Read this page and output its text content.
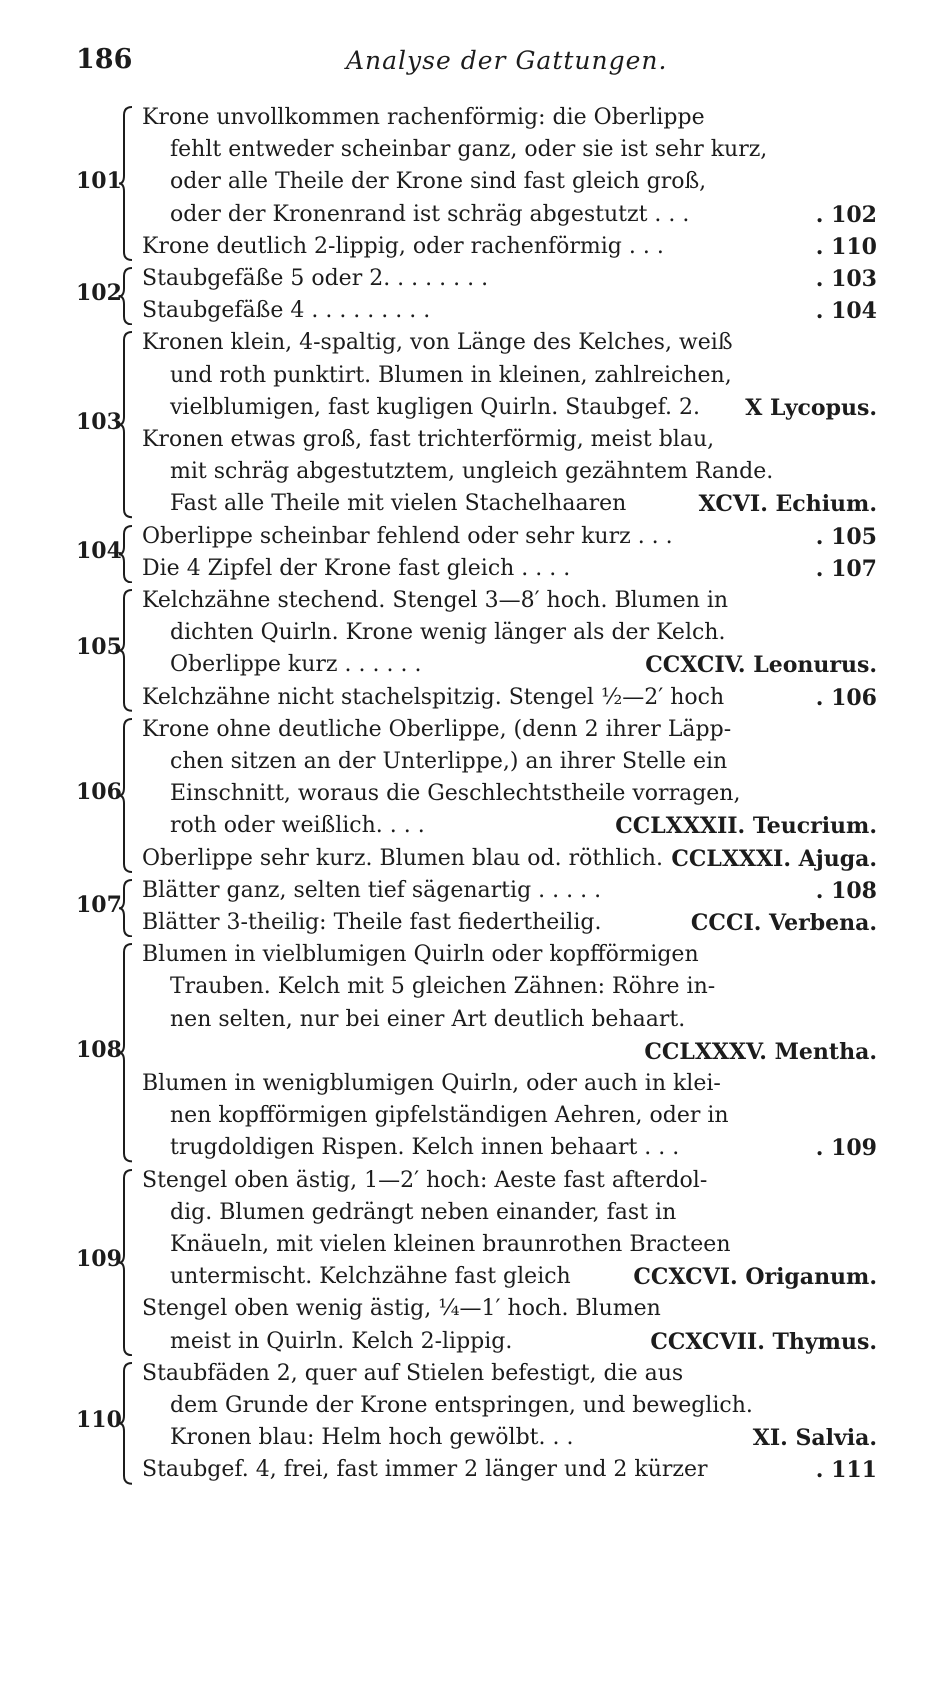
186	Analyse der Gattungen.
101
Krone unvollkommen rachenförmig: die Oberlippe
fehlt entweder scheinbar ganz, oder sie ist sehr kurz,
oder alle Theile der Krone sind fast gleich groß,
oder der Kronenrand ist schräg abgestutzt . . .	. 102
Krone deutlich 2-lippig, oder rachenförmig . . .	. 110
102
Staubgefäße 5 oder 2. . . . . . . .	. 103
Staubgefäße 4 . . . . . . . . .	. 104
103
Kronen klein, 4-spaltig, von Länge des Kelches, weiß
und roth punktirt. Blumen in kleinen, zahlreichen,
vielblumigen, fast kugligen Quirln. Staubgef. 2. X Lycopus.
Kronen etwas groß, fast trichterförmig, meist blau,
mit schräg abgestutztem, ungleich gezähntem Rande.
Fast alle Theile mit vielen Stachelhaaren	XCVI. Echium.
104
Oberlippe scheinbar fehlend oder sehr kurz . . .	. 105
Die 4 Zipfel der Krone fast gleich . . . .	. 107
105
Kelchzähne stechend. Stengel 3—8′ hoch. Blumen in
dichten Quirln. Krone wenig länger als der Kelch.
Oberlippe kurz . . . . . .	CCXCIV. Leonurus.
Kelchzähne nicht stachelspitzig. Stengel ½—2′ hoch	. 106
106
Krone ohne deutliche Oberlippe, (denn 2 ihrer Läpp-
chen sitzen an der Unterlippe,) an ihrer Stelle ein
Einschnitt, woraus die Geschlechtstheile vorragen,
roth oder weißlich. . . .	CCLXXXII. Teucrium.
Oberlippe sehr kurz. Blumen blau od. röthlich. CCLXXXI. Ajuga.
107
Blätter ganz, selten tief sägenartig . . . . .	. 108
Blätter 3-theilig: Theile fast fiedertheilig.	CCCI. Verbena.
108
Blumen in vielblumigen Quirln oder kopfförmigen
Trauben. Kelch mit 5 gleichen Zähnen: Röhre in-
nen selten, nur bei einer Art deutlich behaart.
CCLXXXV. Mentha.
Blumen in wenigblumigen Quirln, oder auch in klei-
nen kopfförmigen gipfelständigen Aehren, oder in
trugdoldigen Rispen. Kelch innen behaart . . .	. 109
109
Stengel oben ästig, 1—2′ hoch: Aeste fast afterdol-
dig. Blumen gedrängt neben einander, fast in
Knäueln, mit vielen kleinen braunrothen Bracteen
untermischt. Kelchzähne fast gleich	CCXCVI. Origanum.
Stengel oben wenig ästig, ¼—1′ hoch. Blumen
meist in Quirln. Kelch 2-lippig.	CCXCVII. Thymus.
110
Staubfäden 2, quer auf Stielen befestigt, die aus
dem Grunde der Krone entspringen, und beweglich.
Kronen blau: Helm hoch gewölbt. . .	XI. Salvia.
Staubgef. 4, frei, fast immer 2 länger und 2 kürzer	. 111
